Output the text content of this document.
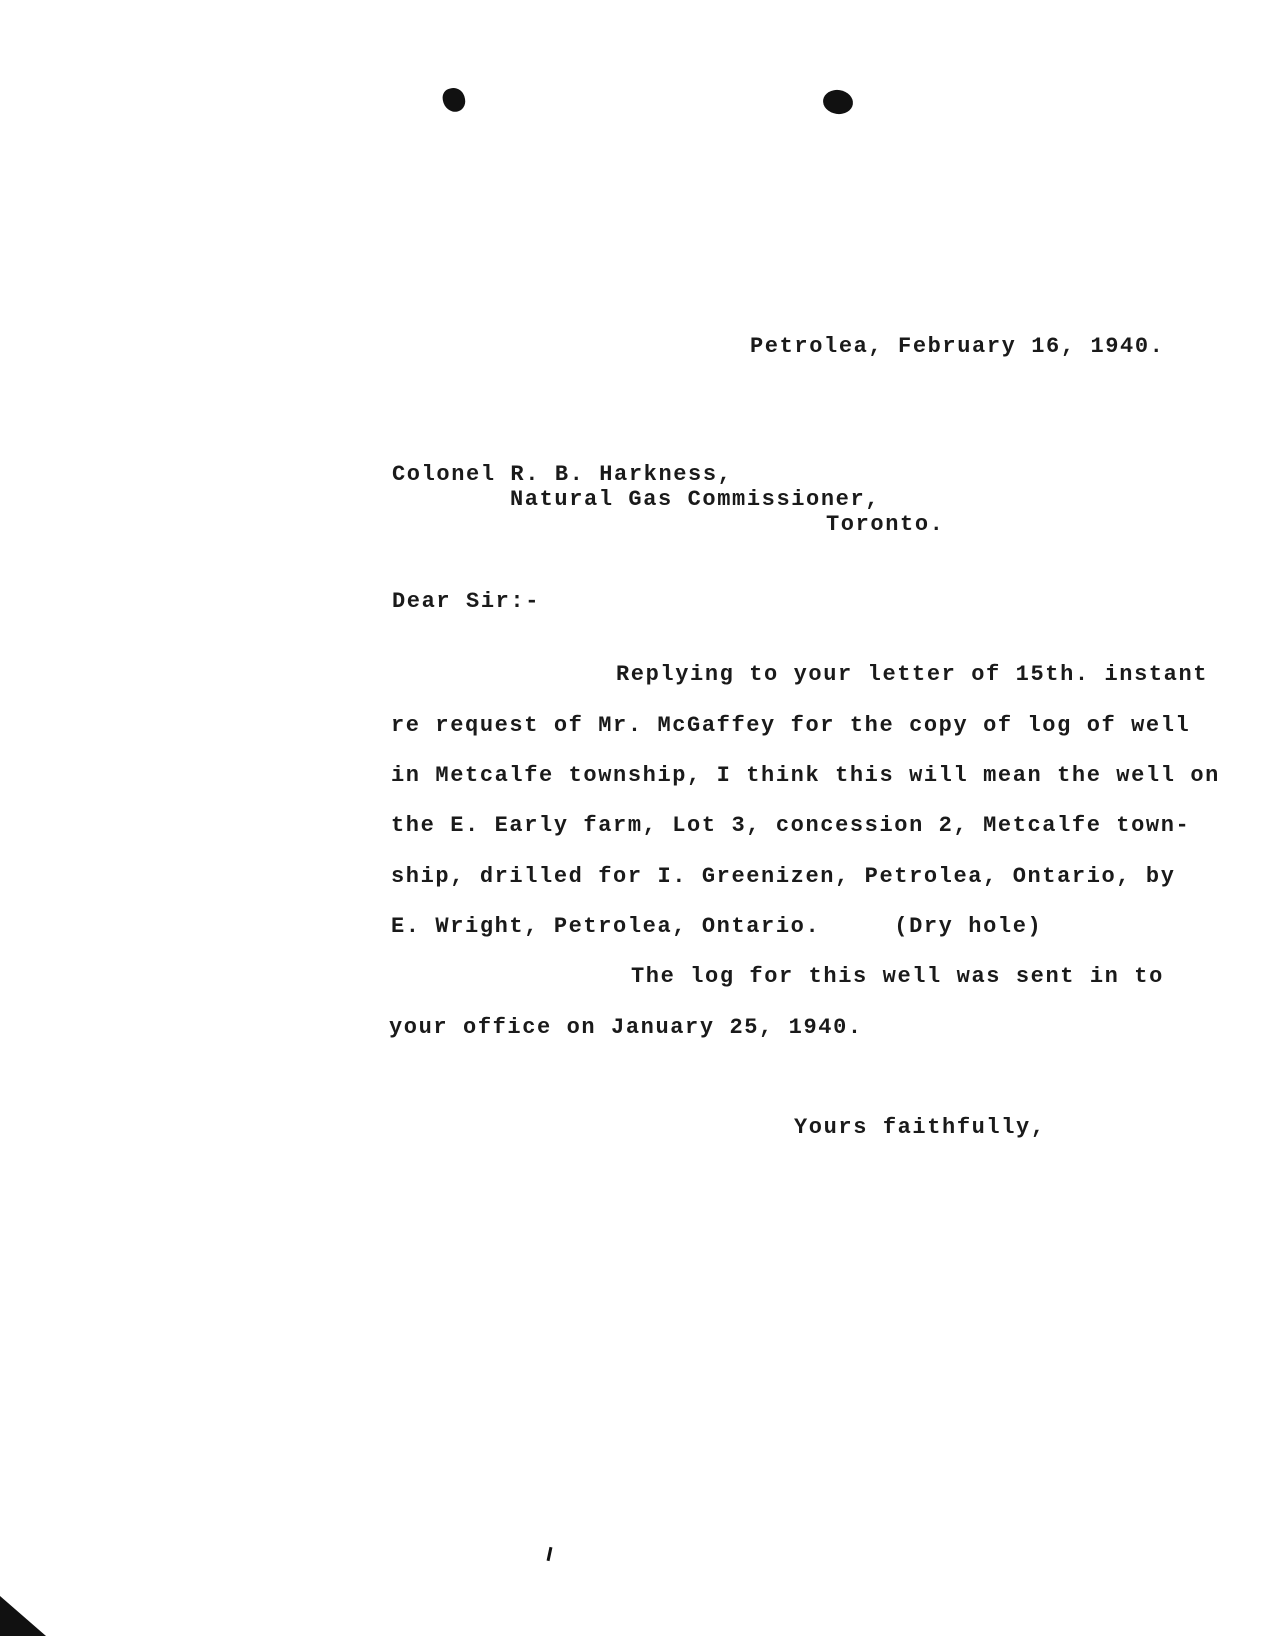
Petrolea, February 16, 1940.
Colonel R. B. Harkness,
Natural Gas Commissioner,
Toronto.
Dear Sir:-
Replying to your letter of 15th. instant
re request of Mr. McGaffey for the copy of log of well
in Metcalfe township, I think this will mean the well on
the E. Early farm, Lot 3, concession 2, Metcalfe town-
ship, drilled for I. Greenizen, Petrolea, Ontario, by
E. Wright, Petrolea, Ontario.     (Dry hole)
The log for this well was sent in to
your office on January 25, 1940.
Yours faithfully,
